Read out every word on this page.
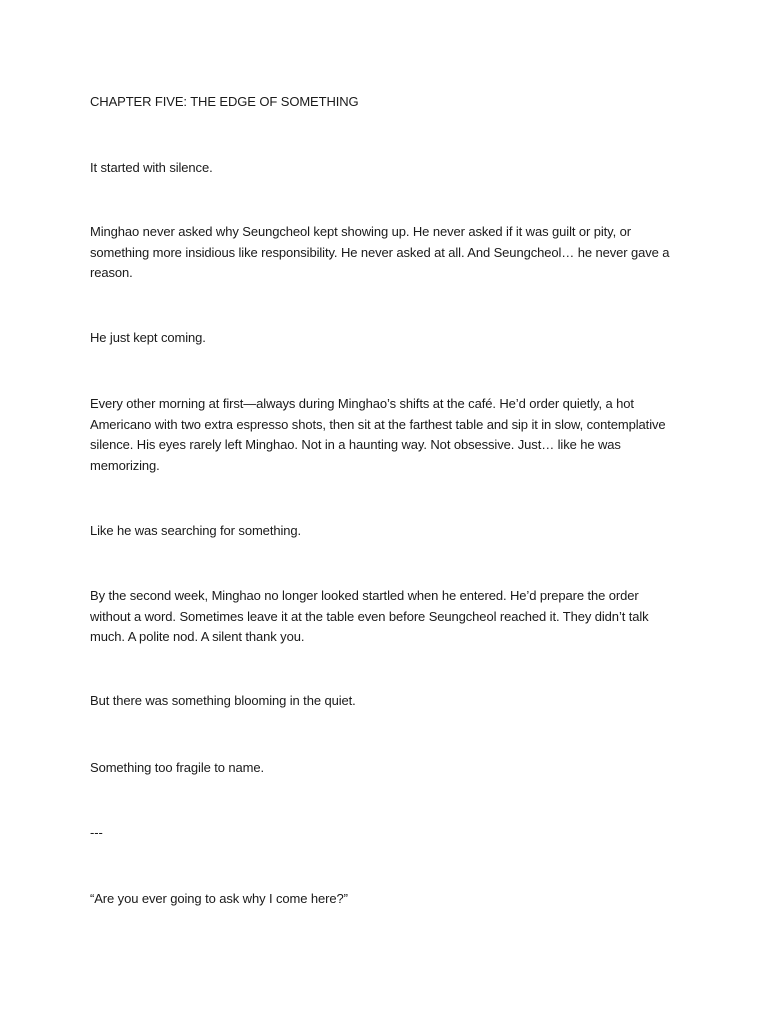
CHAPTER FIVE: THE EDGE OF SOMETHING

It started with silence.

Minghao never asked why Seungcheol kept showing up. He never asked if it was guilt or pity, or something more insidious like responsibility. He never asked at all. And Seungcheol… he never gave a reason.

He just kept coming.

Every other morning at first—always during Minghao’s shifts at the café. He’d order quietly, a hot Americano with two extra espresso shots, then sit at the farthest table and sip it in slow, contemplative silence. His eyes rarely left Minghao. Not in a haunting way. Not obsessive. Just… like he was memorizing.

Like he was searching for something.

By the second week, Minghao no longer looked startled when he entered. He’d prepare the order without a word. Sometimes leave it at the table even before Seungcheol reached it. They didn’t talk much. A polite nod. A silent thank you.

But there was something blooming in the quiet.

Something too fragile to name.

---

“Are you ever going to ask why I come here?”
